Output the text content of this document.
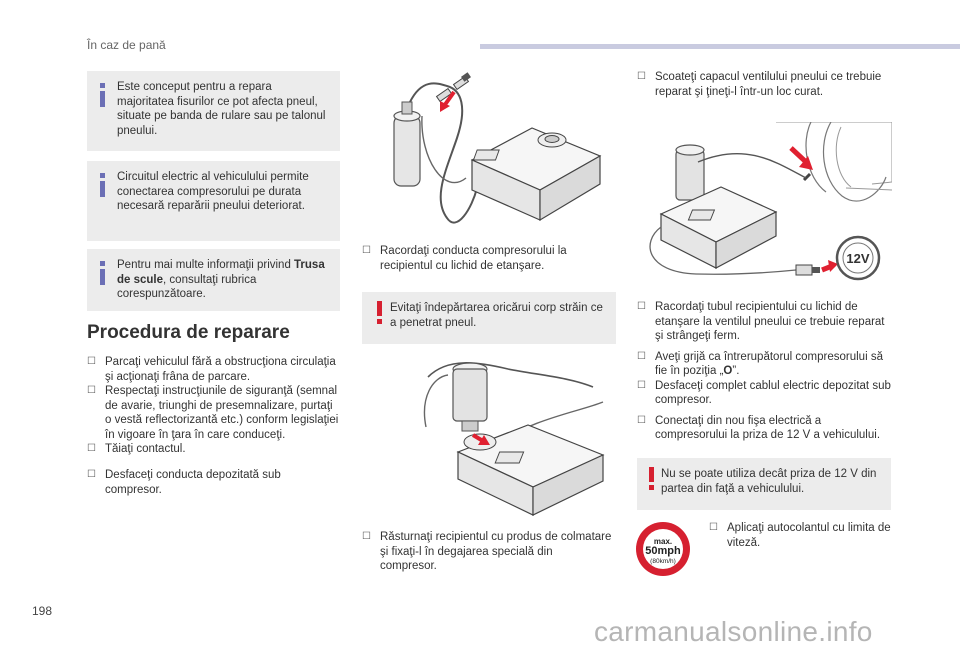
În caz de pană
Este conceput pentru a repara majoritatea fisurilor ce pot afecta pneul, situate pe banda de rulare sau pe talonul pneului.
Circuitul electric al vehiculului permite conectarea compresorului pe durata necesară reparării pneului deteriorat.
Pentru mai multe informaţii privind Trusa de scule, consultaţi rubrica corespunzătoare.
Procedura de reparare
☐ Parcaţi vehiculul fără a obstrucţiona circulaţia şi acţionaţi frâna de parcare.
☐ Respectaţi instrucţiunile de siguranţă (semnal de avarie, triunghi de presemnalizare, purtaţi o vestă reflectorizantă etc.) conform legislaţiei în vigoare în ţara în care conduceţi.
☐ Tăiaţi contactul.
☐ Desfaceţi conducta depozitată sub compresor.
☐ Racordaţi conducta compresorului la recipientul cu lichid de etanşare.
Evitaţi îndepărtarea oricărui corp străin ce a penetrat pneul.
☐ Răsturnaţi recipientul cu produs de colmatare şi fixaţi-l în degajarea specială din compresor.
☐ Scoateţi capacul ventilului pneului ce trebuie reparat şi ţineţi-l într-un loc curat.
12V
☐ Racordaţi tubul recipientului cu lichid de etanşare la ventilul pneului ce trebuie reparat şi strângeţi ferm.
☐ Aveţi grijă ca întrerupătorul compresorului să fie în poziţia „O”.
☐ Desfaceţi complet cablul electric depozitat sub compresor.
☐ Conectaţi din nou fişa electrică a compresorului la priza de 12 V a vehiculului.
Nu se poate utiliza decât priza de 12 V din partea din faţă a vehiculului.
max.
50mph
(80km/h)
☐ Aplicaţi autocolantul cu limita de viteză.
198
carmanualsonline.info
